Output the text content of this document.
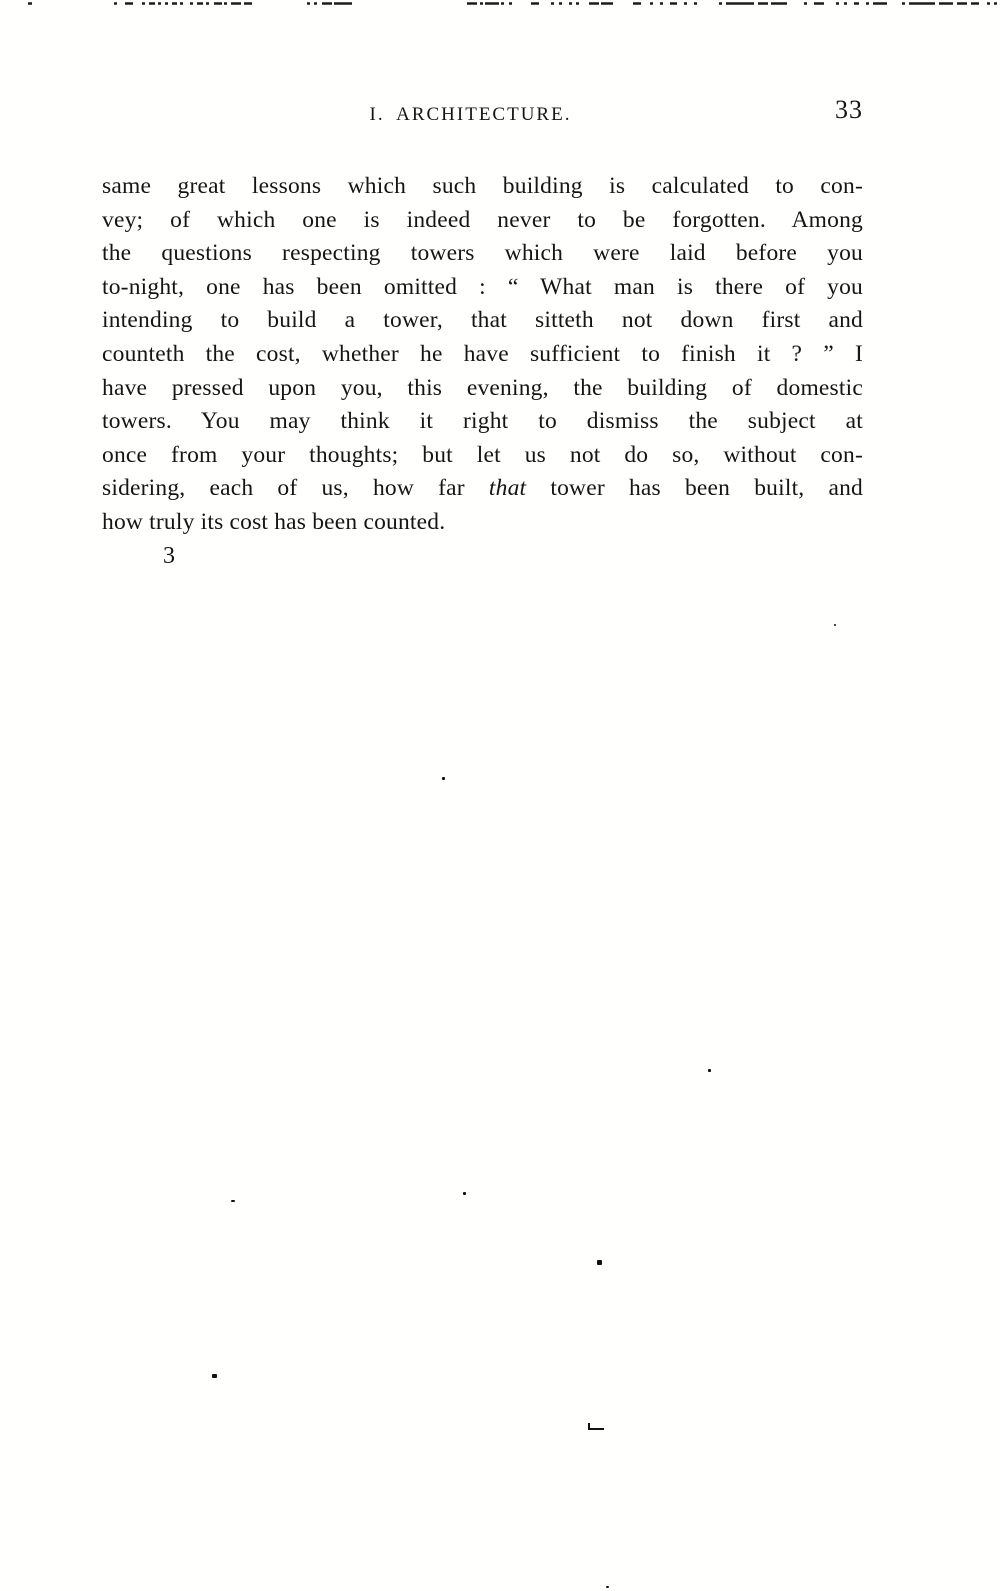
I. ARCHITECTURE.	33
same great lessons which such building is calculated to con-
vey; of which one is indeed never to be forgotten. Among
the questions respecting towers which were laid before you
to-night, one has been omitted : “ What man is there of you
intending to build a tower, that sitteth not down first and
counteth the cost, whether he have sufficient to finish it ? ” I
have pressed upon you, this evening, the building of domestic
towers. You may think it right to dismiss the subject at
once from your thoughts; but let us not do so, without con-
sidering, each of us, how far that tower has been built, and
how truly its cost has been counted.
3
